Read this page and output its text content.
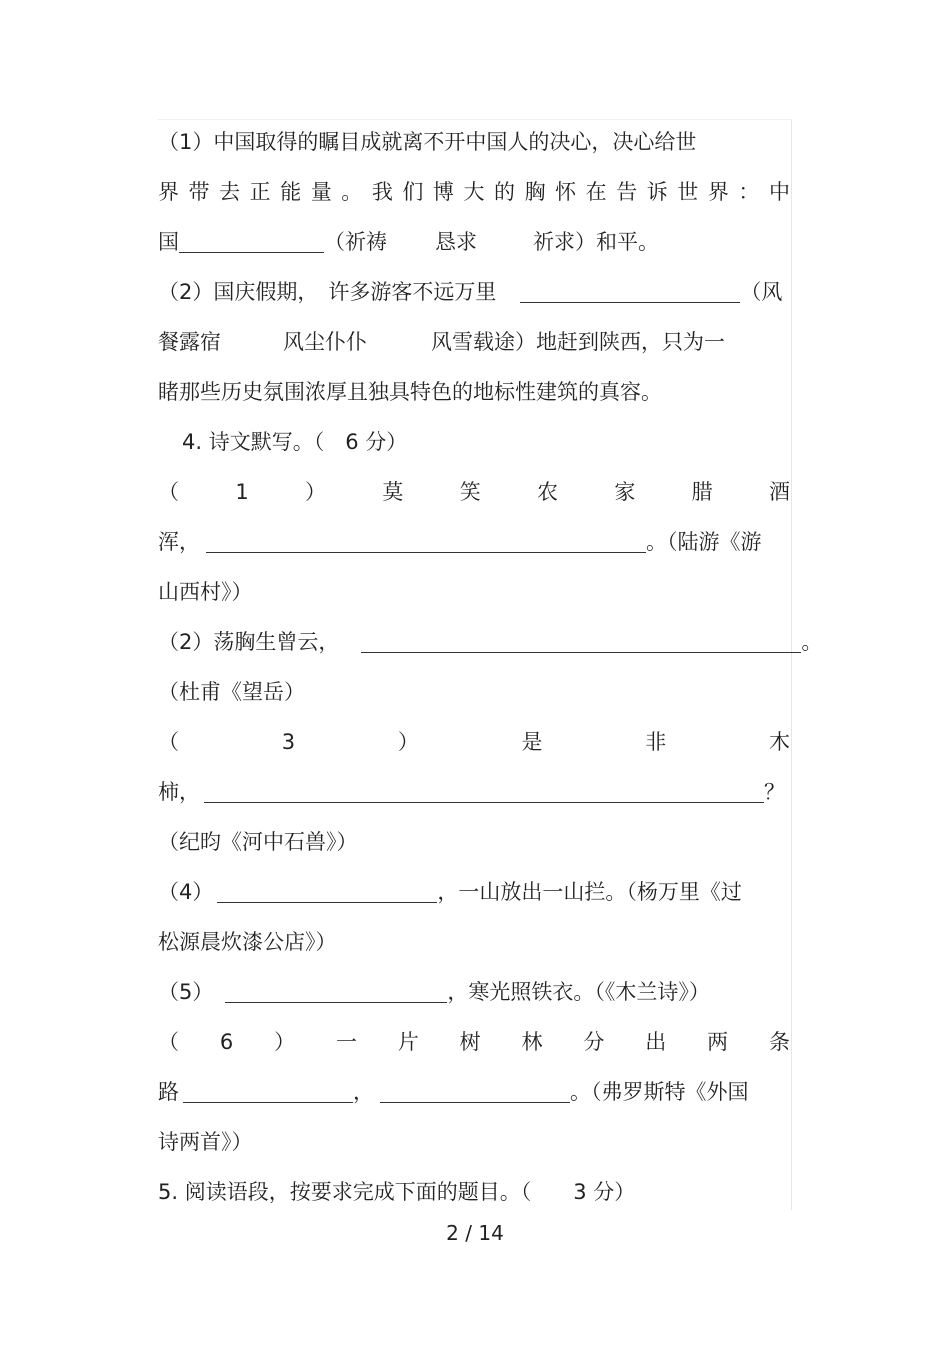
（1）中国取得的瞩目成就离不开中国人的决心，决心给世
界 带 去 正 能 量 。 我 们 博 大 的 胸 怀 在 告 诉 世 界 ： 中
国	（祈祷 恳求	祈求）和平。
（2）国庆假期， 许多游客不远万里	（风
餐露宿	风尘仆仆	风雪载途）地赶到陕西，只为一
睹那些历史氛围浓厚且独具特色的地标性建筑的真容。
4. 诗文默写。（　6 分）
（	1	）	莫	笑	农	家	腊	酒
浑，	。（陆游《游
山西村》）
（2）荡胸生曾云，	。
（杜甫《望岳）
（	3	）	是	非	木
柿，	？
（纪昀《河中石兽》）
（4）	，一山放出一山拦。（杨万里《过
松源晨炊漆公店》）
（5）	，寒光照铁衣。（《木兰诗》）
（ 6 ） 一 片 树 林 分 出 两 条
路	，	。（弗罗斯特《外国
诗两首》）
5. 阅读语段，按要求完成下面的题目。（　　3 分）
2 / 14
